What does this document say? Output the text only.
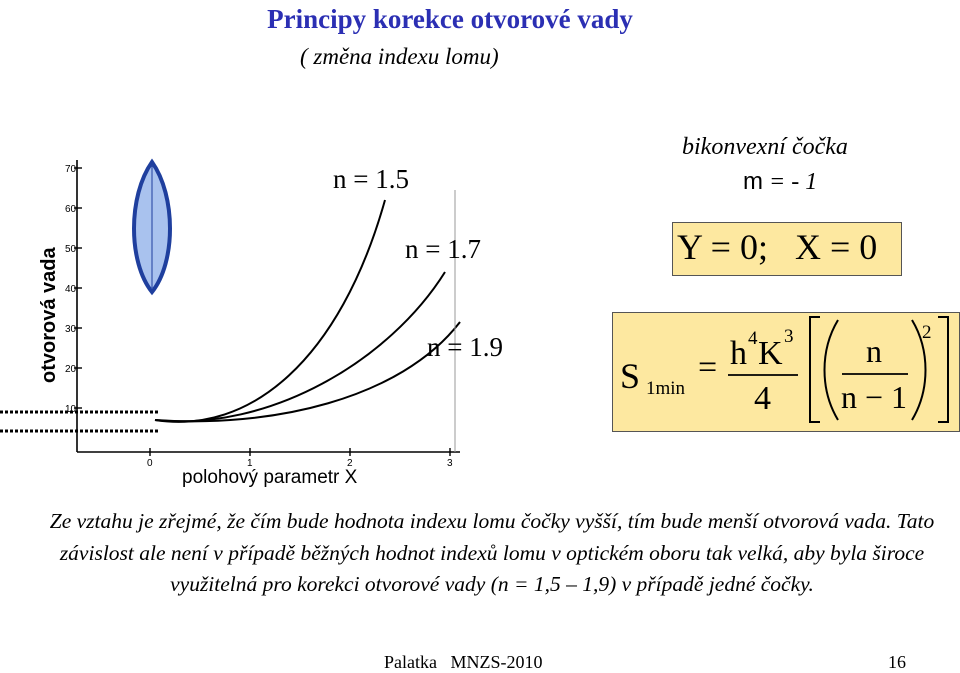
Principy korekce otvorové vady
( změna indexu lomu)
otvorová vada
10
20
30
40
50
60
70
0	1	2	3
n = 1.5
n = 1.7
n = 1.9
polohový parametr X
bikonvexní čočka
m = - 1
Y = 0; X = 0
S 1min
= h 4 K 3
4
n
n − 1
2
Ze vztahu je zřejmé, že čím bude hodnota indexu lomu čočky vyšší, tím bude menší otvorová vada. Tato závislost ale není v případě běžných hodnot indexů lomu v optickém oboru tak velká, aby byla široce využitelná pro korekci otvorové vady (n = 1,5 – 1,9) v případě jedné čočky.
Palatka   MNZS-2010	16
